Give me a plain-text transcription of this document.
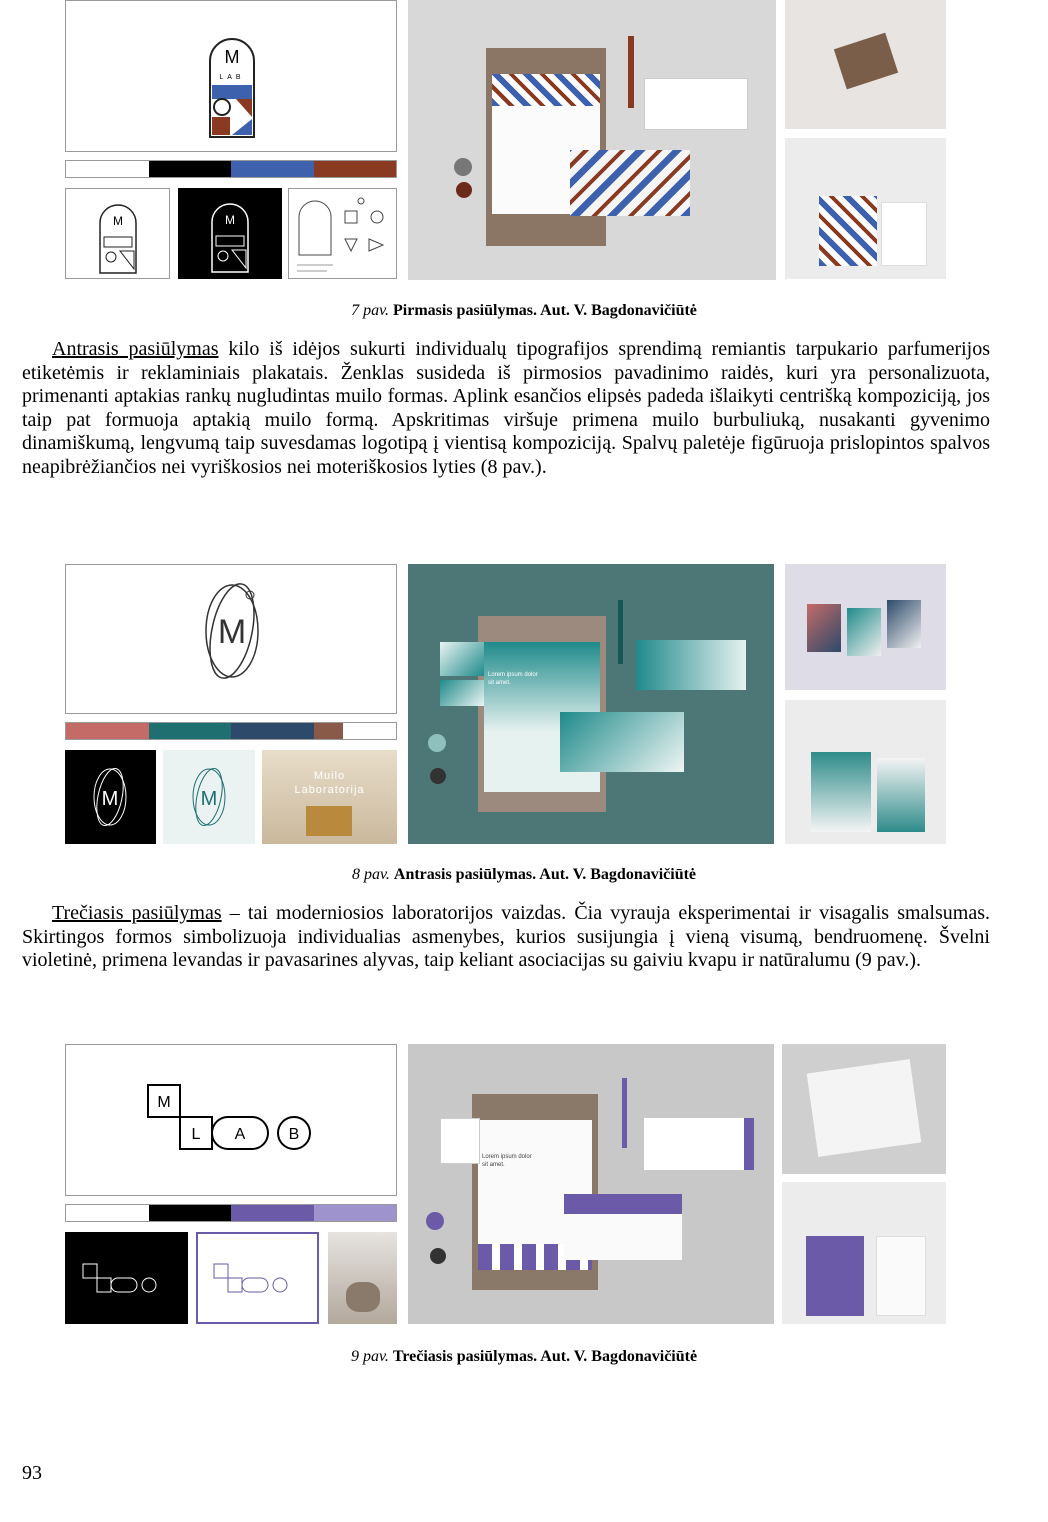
M
LAB
M	M
7 pav. Pirmasis pasiūlymas. Aut. V. Bagdonavičiūtė
Antrasis pasiūlymas kilo iš idėjos sukurti individualų tipografijos sprendimą remiantis tarpukario parfumerijos etiketėmis ir reklaminiais plakatais. Ženklas susideda iš pirmosios pavadinimo raidės, kuri yra personalizuota, primenanti aptakias rankų nugludintas muilo formas. Aplink esančios elipsės padeda išlaikyti centrišką kompoziciją, jos taip pat formuoja aptakią muilo formą. Apskritimas viršuje primena muilo burbuliuką, nusakanti gyvenimo dinamiškumą, lengvumą taip suvesdamas logotipą į vientisą kompoziciją. Spalvų paletėje figūruoja prislopintos spalvos neapibrėžiančios nei vyriškosios nei moteriškosios lyties (8 pav.).
M
M	M
Muilo
Laboratorija
Lorem ipsum dolor
sit amet.
8 pav. Antrasis pasiūlymas. Aut. V. Bagdonavičiūtė
Trečiasis pasiūlymas – tai moderniosios laboratorijos vaizdas. Čia vyrauja eksperimentai ir visagalis smalsumas. Skirtingos formos simbolizuoja individualias asmenybes, kurios susijungia į vieną visumą, bendruomenę. Švelni violetinė, primena levandas ir pavasarines alyvas, taip keliant asociacijas su gaiviu kvapu ir natūralumu (9 pav.).
M
L A	B
Lorem ipsum dolor
sit amet.
9 pav. Trečiasis pasiūlymas. Aut. V. Bagdonavičiūtė
93
